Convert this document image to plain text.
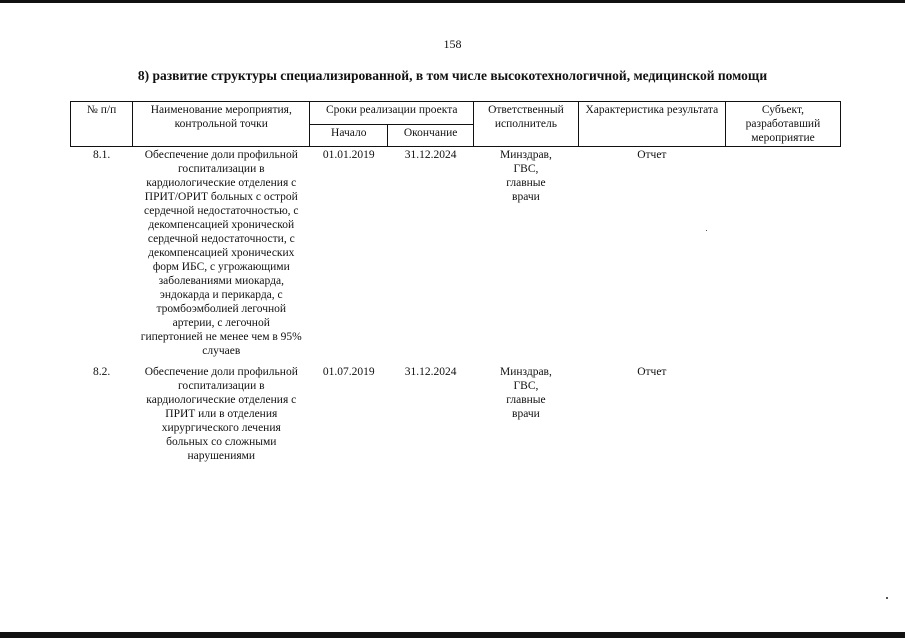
158
8) развитие структуры специализированной, в том числе высокотехнологичной, медицинской помощи
№ п/п	Наименование мероприятия, контрольной точки	Сроки реализации проекта		Ответственный исполнитель	Характеристика результата	Субъект, разработавший мероприятие
		Начало	Окончание			
8.1.	Обеспечение доли профильной госпитализации в кардиологические отделения с ПРИТ/ОРИТ больных с острой сердечной недостаточностью, с декомпенсацией хронической сердечной недостаточности, с декомпенсацией хронических форм ИБС, с угрожающими заболеваниями миокарда, эндокарда и перикарда, с тромбоэмболией легочной артерии, с легочной гипертонией не менее чем в 95% случаев	01.01.2019	31.12.2024	Минздрав, ГВС, главные врачи	Отчет	
8.2.	Обеспечение доли профильной госпитализации в кардиологические отделения с ПРИТ или в отделения хирургического лечения больных со сложными нарушениями	01.07.2019	31.12.2024	Минздрав, ГВС, главные врачи	Отчет	
